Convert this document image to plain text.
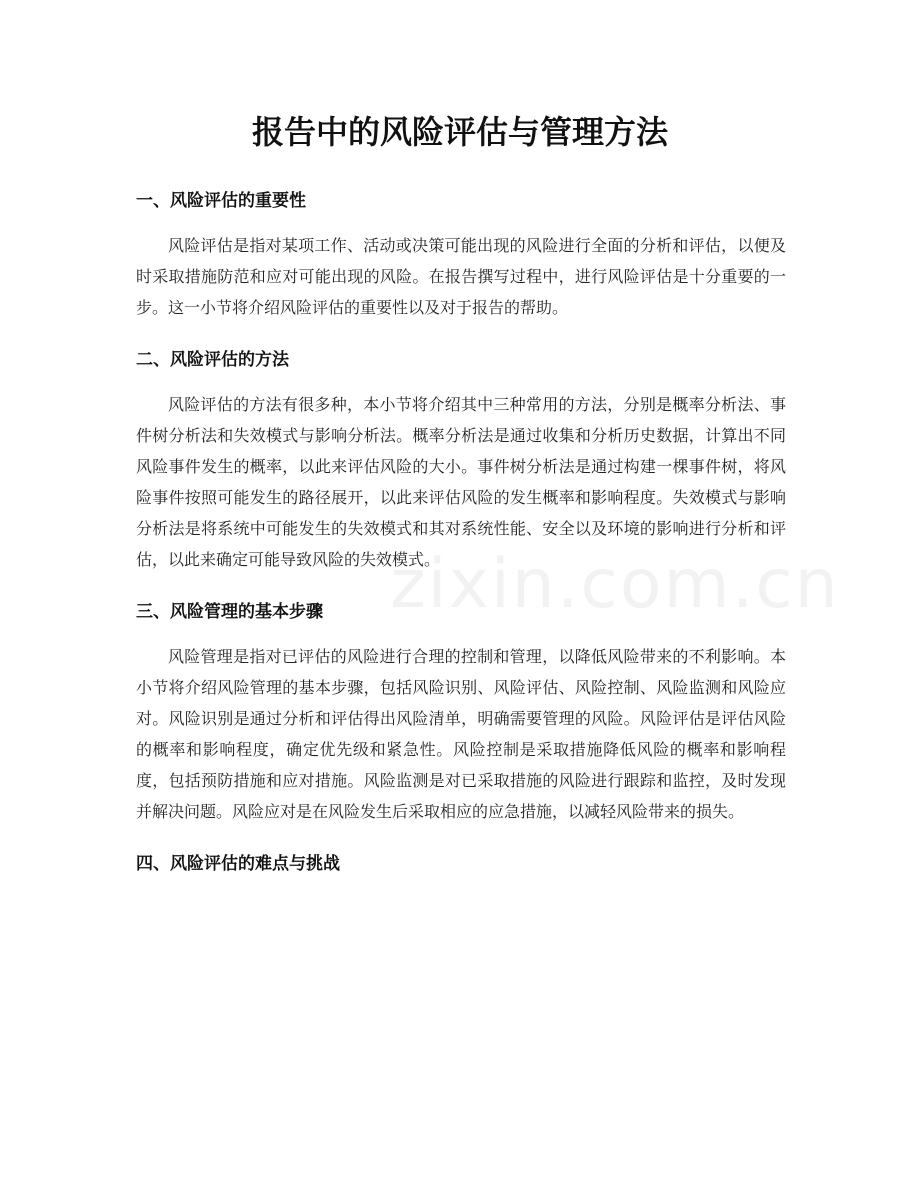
报告中的风险评估与管理方法
一、风险评估的重要性

风险评估是指对某项工作、活动或决策可能出现的风险进行全面的分析和评估，以便及时采取措施防范和应对可能出现的风险。在报告撰写过程中，进行风险评估是十分重要的一步。这一小节将介绍风险评估的重要性以及对于报告的帮助。

二、风险评估的方法

风险评估的方法有很多种，本小节将介绍其中三种常用的方法，分别是概率分析法、事件树分析法和失效模式与影响分析法。概率分析法是通过收集和分析历史数据，计算出不同风险事件发生的概率，以此来评估风险的大小。事件树分析法是通过构建一棵事件树，将风险事件按照可能发生的路径展开，以此来评估风险的发生概率和影响程度。失效模式与影响分析法是将系统中可能发生的失效模式和其对系统性能、安全以及环境的影响进行分析和评估，以此来确定可能导致风险的失效模式。

三、风险管理的基本步骤

风险管理是指对已评估的风险进行合理的控制和管理，以降低风险带来的不利影响。本小节将介绍风险管理的基本步骤，包括风险识别、风险评估、风险控制、风险监测和风险应对。风险识别是通过分析和评估得出风险清单，明确需要管理的风险。风险评估是评估风险的概率和影响程度，确定优先级和紧急性。风险控制是采取措施降低风险的概率和影响程度，包括预防措施和应对措施。风险监测是对已采取措施的风险进行跟踪和监控，及时发现并解决问题。风险应对是在风险发生后采取相应的应急措施，以减轻风险带来的损失。

四、风险评估的难点与挑战
zixin.com.cn
